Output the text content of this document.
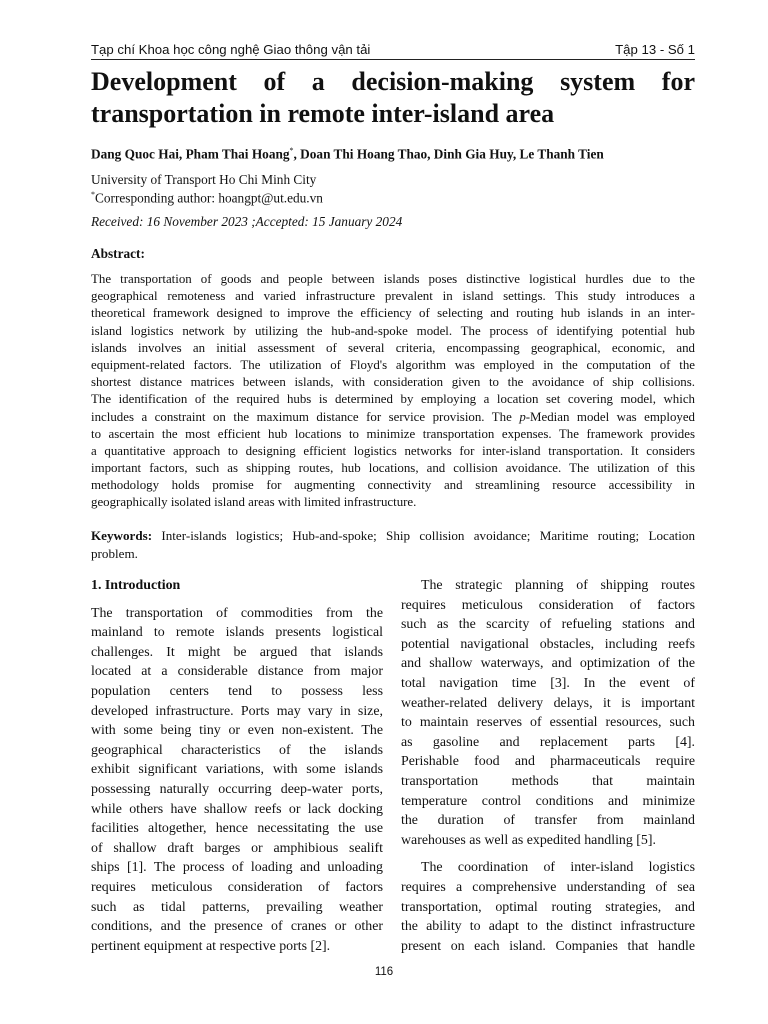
Tạp chí Khoa học công nghệ Giao thông vận tải	Tập 13 - Số 1
Development of a decision-making system for
transportation in remote inter-island area
Dang Quoc Hai, Pham Thai Hoang*, Doan Thi Hoang Thao, Dinh Gia Huy, Le Thanh Tien
University of Transport Ho Chi Minh City
*Corresponding author: hoangpt@ut.edu.vn
Received: 16 November 2023 ;Accepted: 15 January 2024
Abstract:
The transportation of goods and people between islands poses distinctive logistical hurdles due to the
geographical remoteness and varied infrastructure prevalent in island settings. This study introduces a
theoretical framework designed to improve the efficiency of selecting and routing hub islands in an inter-
island logistics network by utilizing the hub-and-spoke model. The process of identifying potential hub
islands involves an initial assessment of several criteria, encompassing geographical, economic, and
equipment-related factors. The utilization of Floyd's algorithm was employed in the computation of the
shortest distance matrices between islands, with consideration given to the avoidance of ship collisions.
The identification of the required hubs is determined by employing a location set covering model, which
includes a constraint on the maximum distance for service provision. The p-Median model was employed
to ascertain the most efficient hub locations to minimize transportation expenses. The framework provides
a quantitative approach to designing efficient logistics networks for inter-island transportation. It considers
important factors, such as shipping routes, hub locations, and collision avoidance. The utilization of this
methodology holds promise for augmenting connectivity and streamlining resource accessibility in
geographically isolated island areas with limited infrastructure.
Keywords: Inter-islands logistics; Hub-and-spoke; Ship collision avoidance; Maritime routing; Location
problem.
1. Introduction
The transportation of commodities from the
mainland to remote islands presents logistical
challenges. It might be argued that islands
located at a considerable distance from major
population centers tend to possess less
developed infrastructure. Ports may vary in size,
with some being tiny or even non-existent. The
geographical characteristics of the islands
exhibit significant variations, with some islands
possessing naturally occurring deep-water ports,
while others have shallow reefs or lack docking
facilities altogether, hence necessitating the use
of shallow draft barges or amphibious sealift
ships [1]. The process of loading and unloading
requires meticulous consideration of factors
such as tidal patterns, prevailing weather
conditions, and the presence of cranes or other
pertinent equipment at respective ports [2].
The strategic planning of shipping routes
requires meticulous consideration of factors
such as the scarcity of refueling stations and
potential navigational obstacles, including reefs
and shallow waterways, and optimization of the
total navigation time [3]. In the event of
weather-related delivery delays, it is important
to maintain reserves of essential resources, such
as gasoline and replacement parts [4].
Perishable food and pharmaceuticals require
transportation methods that maintain
temperature control conditions and minimize
the duration of transfer from mainland
warehouses as well as expedited handling [5].
The coordination of inter-island logistics
requires a comprehensive understanding of sea
transportation, optimal routing strategies, and
the ability to adapt to the distinct infrastructure
present on each island. Companies that handle
116
